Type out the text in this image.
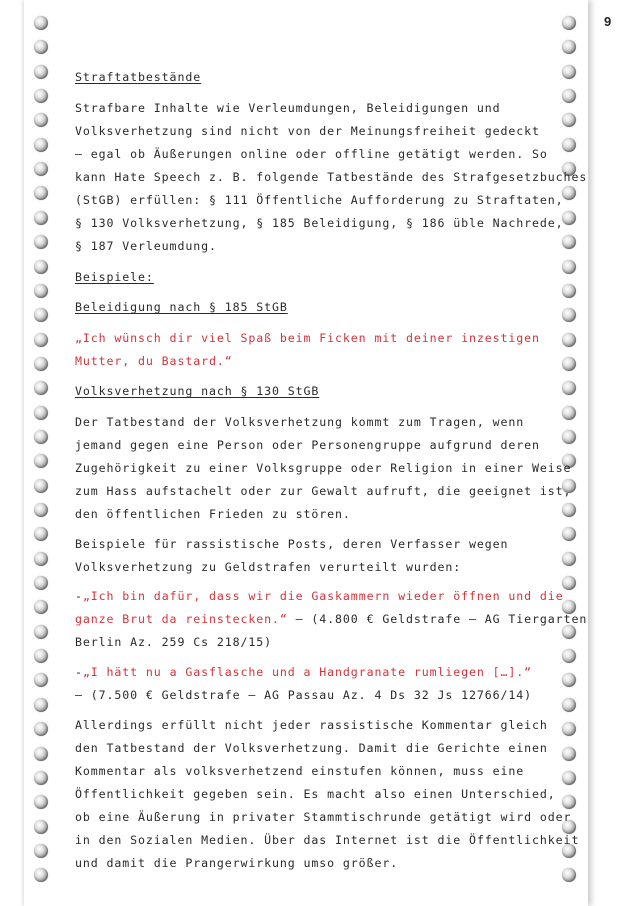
9
Straftatbestände
Strafbare Inhalte wie Verleumdungen, Beleidigungen und
Volksverhetzung sind nicht von der Meinungsfreiheit gedeckt
– egal ob Äußerungen online oder offline getätigt werden. So
kann Hate Speech z. B. folgende Tatbestände des Strafgesetzbuches
(StGB) erfüllen: § 111 Öffentliche Aufforderung zu Straftaten,
§ 130 Volksverhetzung, § 185 Beleidigung, § 186 üble Nachrede,
§ 187 Verleumdung.
Beispiele:
Beleidigung nach § 185 StGB
„Ich wünsch dir viel Spaß beim Ficken mit deiner inzestigen
Mutter, du Bastard.“
Volksverhetzung nach § 130 StGB
Der Tatbestand der Volksverhetzung kommt zum Tragen, wenn
jemand gegen eine Person oder Personengruppe aufgrund deren
Zugehörigkeit zu einer Volksgruppe oder Religion in einer Weise
zum Hass aufstachelt oder zur Gewalt aufruft, die geeignet ist,
den öffentlichen Frieden zu stören.
Beispiele für rassistische Posts, deren Verfasser wegen
Volksverhetzung zu Geldstrafen verurteilt wurden:
-„Ich bin dafür, dass wir die Gaskammern wieder öffnen und die
ganze Brut da reinstecken.“ – (4.800 € Geldstrafe – AG Tiergarten
Berlin Az. 259 Cs 218/15)
-„I hätt nu a Gasflasche und a Handgranate rumliegen […].“
– (7.500 € Geldstrafe – AG Passau Az. 4 Ds 32 Js 12766/14)
Allerdings erfüllt nicht jeder rassistische Kommentar gleich
den Tatbestand der Volksverhetzung. Damit die Gerichte einen
Kommentar als volksverhetzend einstufen können, muss eine
Öffentlichkeit gegeben sein. Es macht also einen Unterschied,
ob eine Äußerung in privater Stammtischrunde getätigt wird oder
in den Sozialen Medien. Über das Internet ist die Öffentlichkeit
und damit die Prangerwirkung umso größer.
